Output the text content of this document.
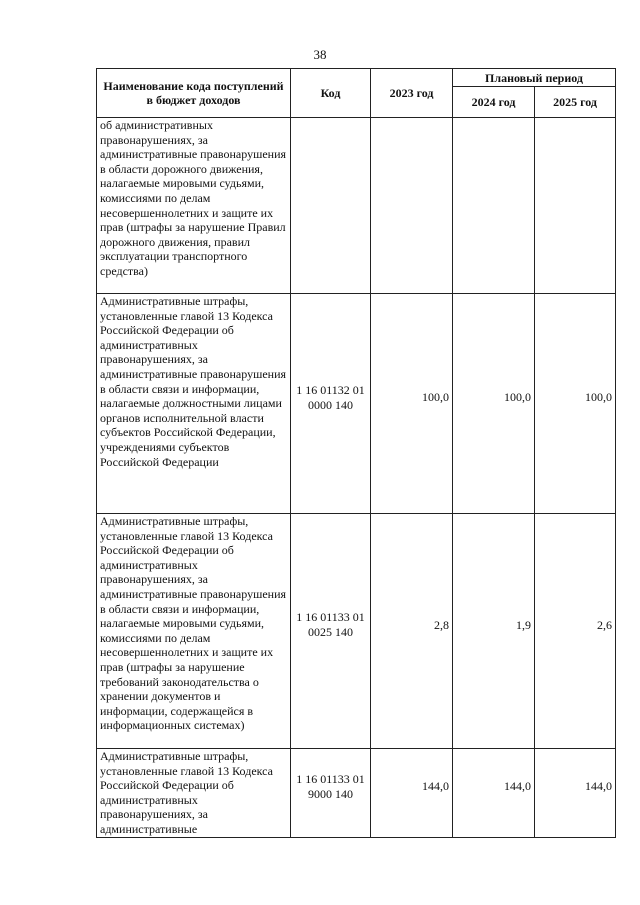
38
Наименование кода поступлений в бюджет доходов	Код	2023 год	Плановый период	
			2024 год	2025 год
об административных правонарушениях, за административные правонарушения в области дорожного движения, налагаемые мировыми судьями, комиссиями по делам несовершеннолетних и защите их прав (штрафы за нарушение Правил дорожного движения, правил эксплуатации транспортного средства)				
Административные штрафы, установленные главой 13 Кодекса Российской Федерации об административных правонарушениях, за административные правонарушения в области связи и информации, налагаемые должностными лицами органов исполнительной власти субъектов Российской Федерации, учреждениями субъектов Российской Федерации	1 16 01132 01 0000 140	100,0	100,0	100,0
Административные штрафы, установленные главой 13 Кодекса Российской Федерации об административных правонарушениях, за административные правонарушения в области связи и информации, налагаемые мировыми судьями, комиссиями по делам несовершеннолетних и защите их прав (штрафы за нарушение требований законодательства о хранении документов и информации, содержащейся в информационных системах)	1 16 01133 01 0025 140	2,8	1,9	2,6
Административные штрафы, установленные главой 13 Кодекса Российской Федерации об административных правонарушениях, за административные	1 16 01133 01 9000 140	144,0	144,0	144,0
